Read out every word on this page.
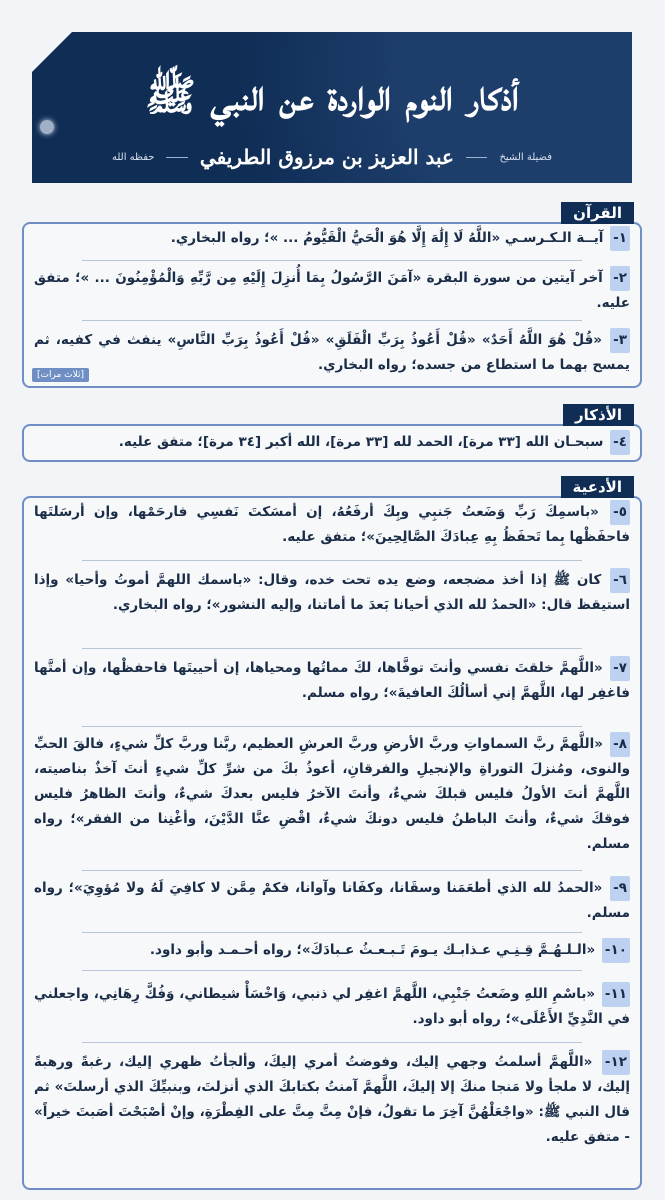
أذكار النوم الواردة عن النبي ﷺ
فضيلة الشيخ
عبد العزيز بن مرزوق الطريفي
حفظه الله
القرآن
١- آيــة الـكـرسـي «اللَّهُ لَا إِلَٰهَ إِلَّا هُوَ الْحَيُّ الْقَيُّومُ ... »؛ رواه البخاري.
٢- آخر آيتين من سورة البقرة «آمَنَ الرَّسُولُ بِمَا أُنزِلَ إِلَيْهِ مِن رَّبِّهِ وَالْمُؤْمِنُونَ ... »؛ متفق عليه.
٣- «قُلْ هُوَ اللَّهُ أَحَدٌ» «قُلْ أَعُوذُ بِرَبِّ الْفَلَقِ» «قُلْ أَعُوذُ بِرَبِّ النَّاسِ» ينفث في كفيه، ثم يمسح بهما ما استطاع من جسده؛ رواه البخاري.
[ثلاث مرات]
الأذكار
٤- سبحـان الله [٣٣ مرة]، الحمد لله [٣٣ مرة]، الله أكبر [٣٤ مرة]؛ متفق عليه.
الأدعية
٥- «باسمِكَ رَبِّ وَضَعتُ جَنبِي وبِكَ أرفَعُهُ، إن أمسَكتَ نَفسِي فارحَمْها، وإن أرسَلتَها فاحفَظْها بِما تَحفَظُ بِهِ عِبادَكَ الصَّالِحِينَ»؛ متفق عليه.
٦- كان ﷺ إذا أخذ مضجعه، وضع يده تحت خده، وقال: «باسمك اللهمَّ أموتُ وأحيا» وإذا استيقظ قال: «الحمدُ لله الذي أحيانا بَعدَ ما أماتنا، وإليه النشور»؛ رواه البخاري.
٧- «اللَّهمَّ خلقتَ نفسي وأنتَ توفَّاها، لكَ مماتُها ومحياها، إن أحييتَها فاحفظْها، وإن أمتَّها فاغفِر لها، اللَّهمَّ إني أسألُكَ العافيةَ»؛ رواه مسلم.
٨- «اللَّهمَّ ربَّ السماواتِ وربَّ الأرضِ وربَّ العرشِ العظيم، ربَّنا وربَّ كلِّ شيءٍ، فالقَ الحبِّ والنوى، ومُنزلَ التوراةِ والإنجيلِ والفرقانِ، أعوذُ بكَ من شرِّ كلِّ شيءٍ أنتَ آخذٌ بناصيته، اللَّهمَّ أنتَ الأولُ فليس قبلكَ شيءٌ، وأنتَ الآخرُ فليس بعدكَ شيءٌ، وأنتَ الظاهرُ فليس فوقكَ شيءٌ، وأنتَ الباطنُ فليس دونكَ شيءٌ، اقْضِ عنَّا الدَّيْنَ، وأغْنِنا من الفقر»؛ رواه مسلم.
٩- «الحمدُ لله الذي أطعَمَنا وسقَانا، وكفَانا وآوانا، فكمْ مِمَّن لا كافِيَ لَهُ ولا مُؤوِيَ»؛ رواه مسلم.
١٠- «الـلـهُـمَّ قِـنِـي عـذابـك يـومَ تَـبـعـثُ عـبادَكَ»؛ رواه أحـمـد وأبو داود.
١١- «باسْمِ اللهِ وضَعتُ جَنْبِي، اللَّهمَّ اغفِر لي ذنبي، وَاخْسَأْ شيطاني، وَفُكَّ رِهَانِي، واجعلني في النَّدِيِّ الأَعْلَى»؛ رواه أبو داود.
١٢- «اللَّهمَّ أسلمتُ وجهي إليك، وفوضتُ أمري إليكَ، وألجأتُ ظهري إليك، رغبةً ورهبةً إليك، لا ملجأ ولا مَنجا منكَ إلا إليكَ، اللَّهمَّ آمنتُ بكتابكَ الذي أنزلتَ، وبنبيِّكَ الذي أرسلتَ» ثم قال النبي ﷺ: «واجْعَلْهُنَّ آخِرَ ما تقولُ، فإنْ مِتَّ مِتَّ على الفِطْرَةِ، وإنْ أصْبَحْتَ أصَبتَ خيراً» - متفق عليه.
